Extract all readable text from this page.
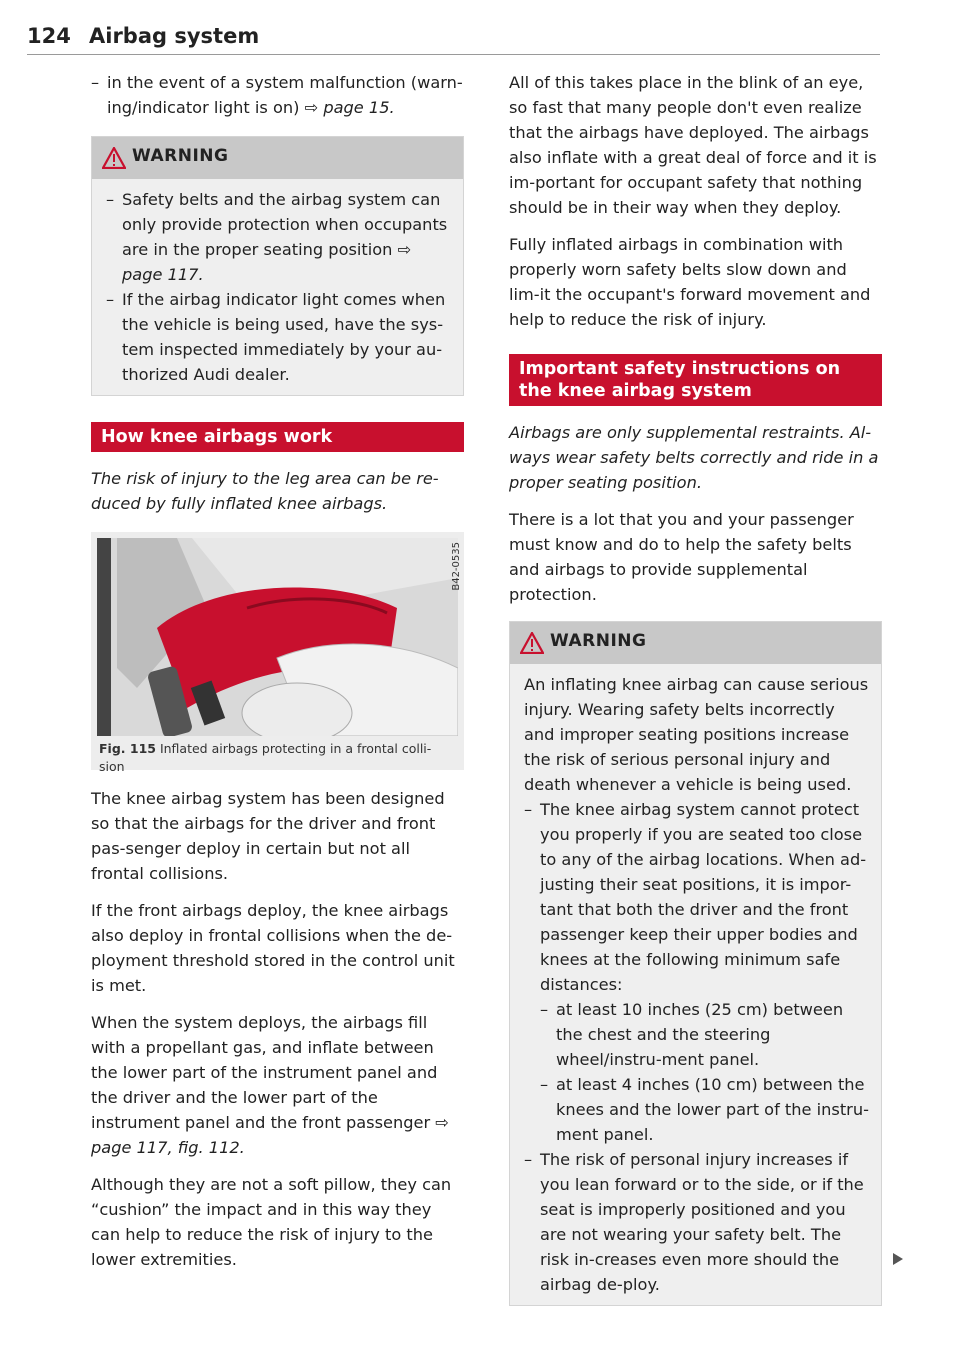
124 Airbag system
– in the event of a system malfunction (warn-ing/indicator light is on) ⇨ page 15.
WARNING
– Safety belts and the airbag system can only provide protection when occupants are in the proper seating position ⇨ page 117.
– If the airbag indicator light comes when the vehicle is being used, have the sys-tem inspected immediately by your au-thorized Audi dealer.
How knee airbags work

The risk of injury to the leg area can be re-duced by fully inflated knee airbags.

B42-0535
Fig. 115 Inflated airbags protecting in a frontal colli-sion

The knee airbag system has been designed so that the airbags for the driver and front pas-senger deploy in certain but not all frontal collisions.

If the front airbags deploy, the knee airbags also deploy in frontal collisions when the de-ployment threshold stored in the control unit is met.

When the system deploys, the airbags fill with a propellant gas, and inflate between the lower part of the instrument panel and the driver and the lower part of the instrument panel and the front passenger ⇨ page 117, fig. 112.

Although they are not a soft pillow, they can “cushion” the impact and in this way they can help to reduce the risk of injury to the lower extremities.

All of this takes place in the blink of an eye, so fast that many people don't even realize that the airbags have deployed. The airbags also inflate with a great deal of force and it is im-portant for occupant safety that nothing should be in their way when they deploy.

Fully inflated airbags in combination with properly worn safety belts slow down and lim-it the occupant's forward movement and help to reduce the risk of injury.

Important safety instructions on the knee airbag system

Airbags are only supplemental restraints. Al-ways wear safety belts correctly and ride in a proper seating position.

There is a lot that you and your passenger must know and do to help the safety belts and airbags to provide supplemental protection.

WARNING

An inflating knee airbag can cause serious injury. Wearing safety belts incorrectly and improper seating positions increase the risk of serious personal injury and death whenever a vehicle is being used.

– The knee airbag system cannot protect you properly if you are seated too close to any of the airbag locations. When ad-justing their seat positions, it is impor-tant that both the driver and the front passenger keep their upper bodies and knees at the following minimum safe distances:
– at least 10 inches (25 cm) between the chest and the steering wheel/instru-ment panel.
– at least 4 inches (10 cm) between the knees and the lower part of the instru-ment panel.
– The risk of personal injury increases if you lean forward or to the side, or if the seat is improperly positioned and you are not wearing your safety belt. The risk in-creases even more should the airbag de-ploy.
